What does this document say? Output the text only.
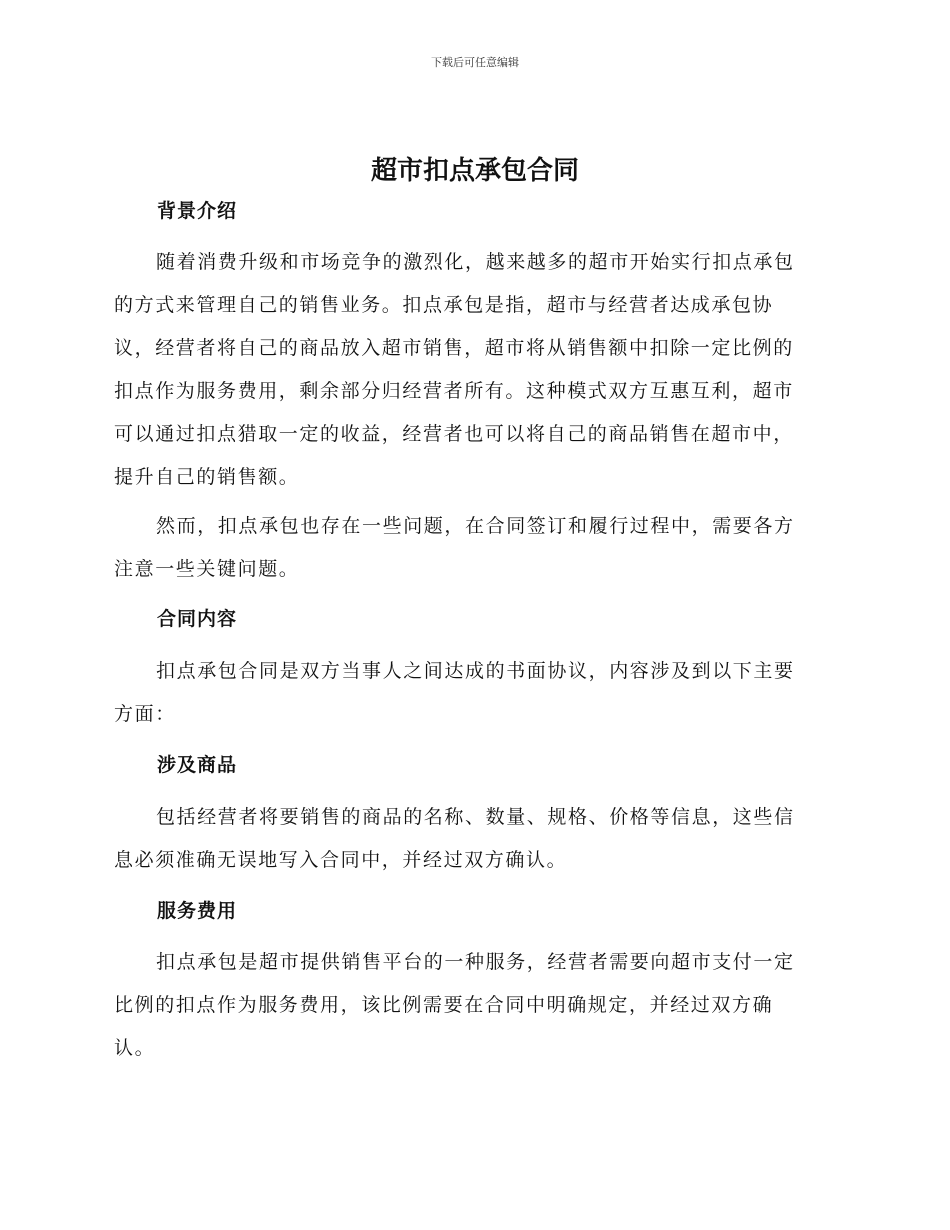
下载后可任意编辑
超市扣点承包合同
背景介绍
随着消费升级和市场竞争的激烈化，越来越多的超市开始实行扣点承包
的方式来管理自己的销售业务。扣点承包是指，超市与经营者达成承包协
议，经营者将自己的商品放入超市销售，超市将从销售额中扣除一定比例的
扣点作为服务费用，剩余部分归经营者所有。这种模式双方互惠互利，超市
可以通过扣点猎取一定的收益，经营者也可以将自己的商品销售在超市中，
提升自己的销售额。
然而，扣点承包也存在一些问题，在合同签订和履行过程中，需要各方
注意一些关键问题。
合同内容
扣点承包合同是双方当事人之间达成的书面协议，内容涉及到以下主要
方面：
涉及商品
包括经营者将要销售的商品的名称、数量、规格、价格等信息，这些信
息必须准确无误地写入合同中，并经过双方确认。
服务费用
扣点承包是超市提供销售平台的一种服务，经营者需要向超市支付一定
比例的扣点作为服务费用，该比例需要在合同中明确规定，并经过双方确
认。
